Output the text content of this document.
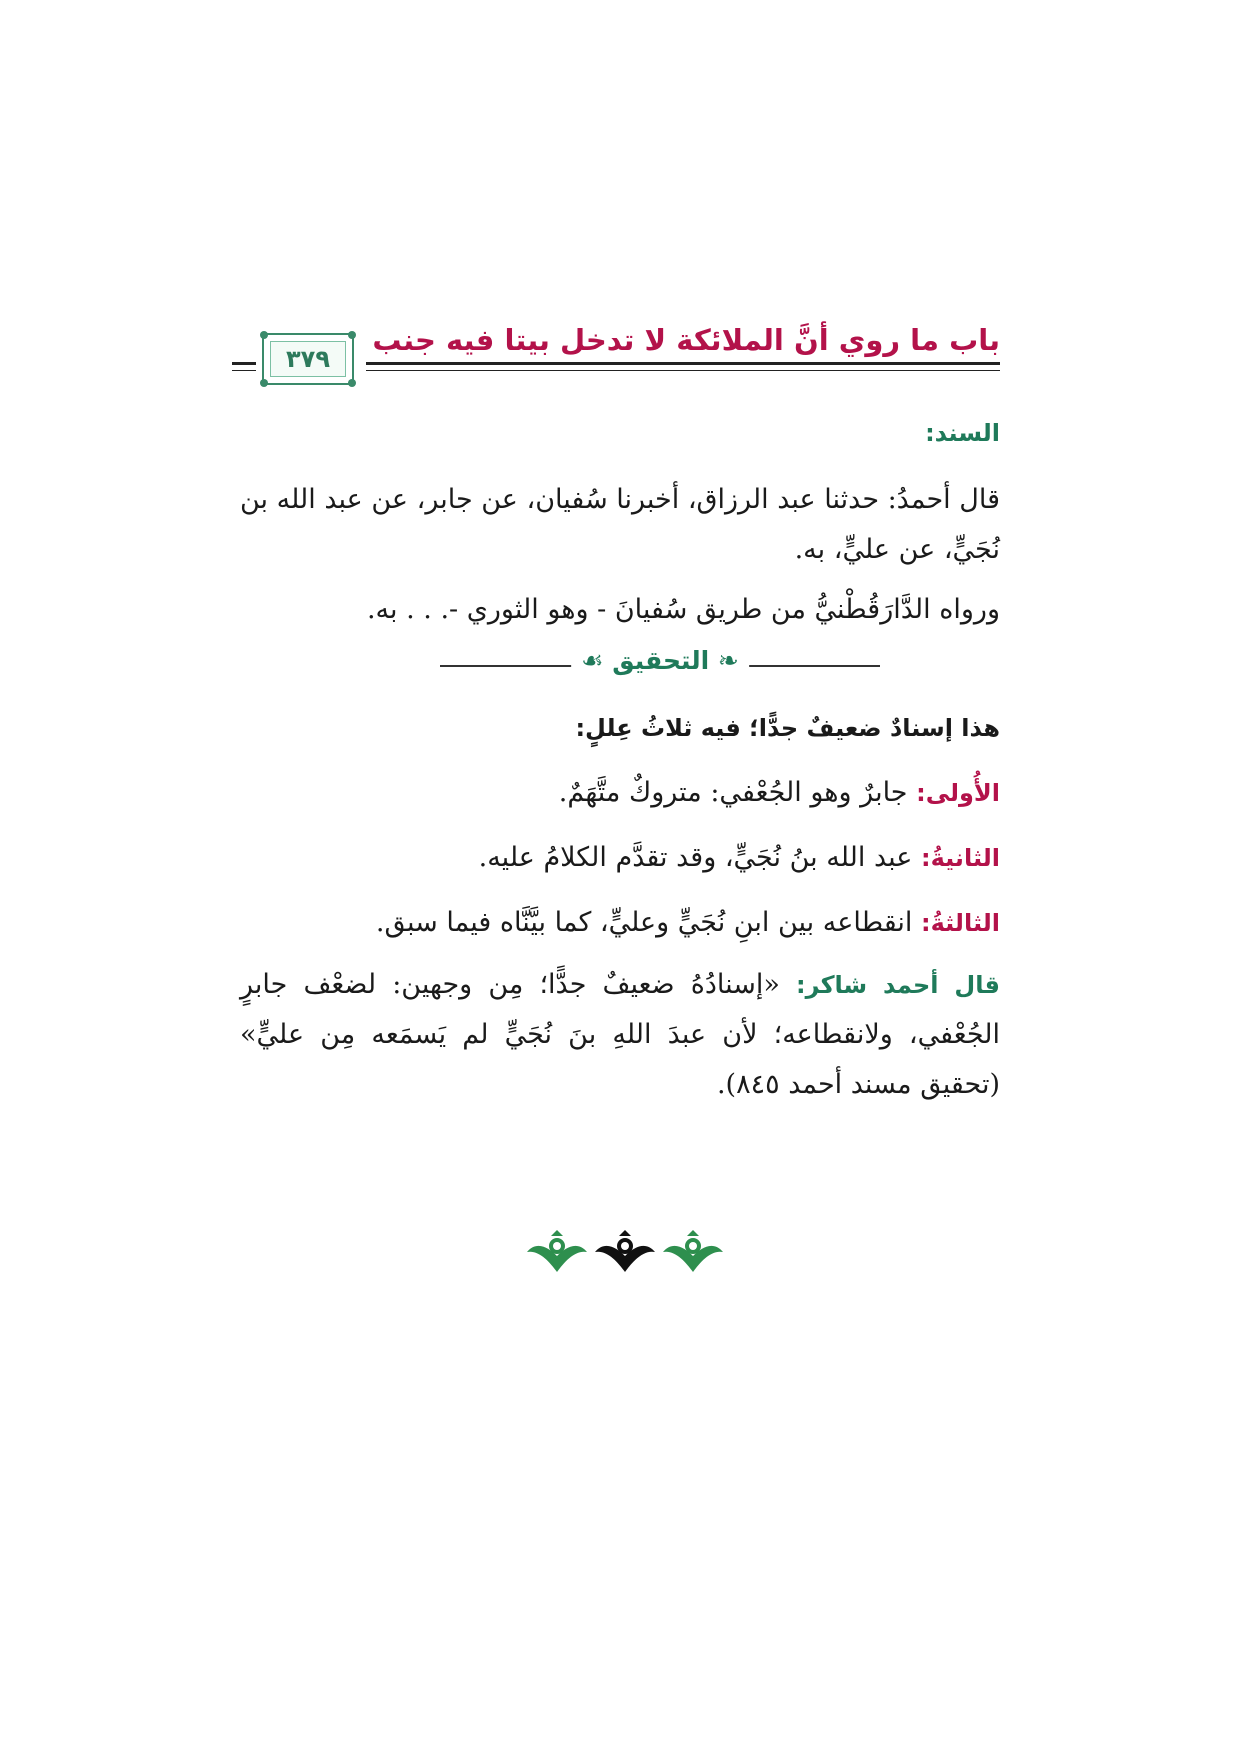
باب ما روي أنَّ الملائكة لا تدخل بيتا فيه جنب
٣٧٩
السند:
قال أحمدُ: حدثنا عبد الرزاق، أخبرنا سُفيان، عن جابر، عن عبد الله بن نُجَيٍّ، عن عليٍّ، به.
ورواه الدَّارَقُطْنيُّ من طريق سُفيانَ - وهو الثوري -. . . به.
❧ التحقيق ☙
هذا إسنادٌ ضعيفٌ جدًّا؛ فيه ثلاثُ عِللٍ:
الأُولى: جابرٌ وهو الجُعْفي: متروكٌ متَّهَمٌ.
الثانيةُ: عبد الله بنُ نُجَيٍّ، وقد تقدَّم الكلامُ عليه.
الثالثةُ: انقطاعه بين ابنِ نُجَيٍّ وعليٍّ، كما بيَّنَّاه فيما سبق.
قال أحمد شاكر: «إسنادُهُ ضعيفٌ جدًّا؛ مِن وجهين: لضعْف جابرٍ الجُعْفي، ولانقطاعه؛ لأن عبدَ اللهِ بنَ نُجَيٍّ لم يَسمَعه مِن عليٍّ» (تحقيق مسند أحمد ٨٤٥).
